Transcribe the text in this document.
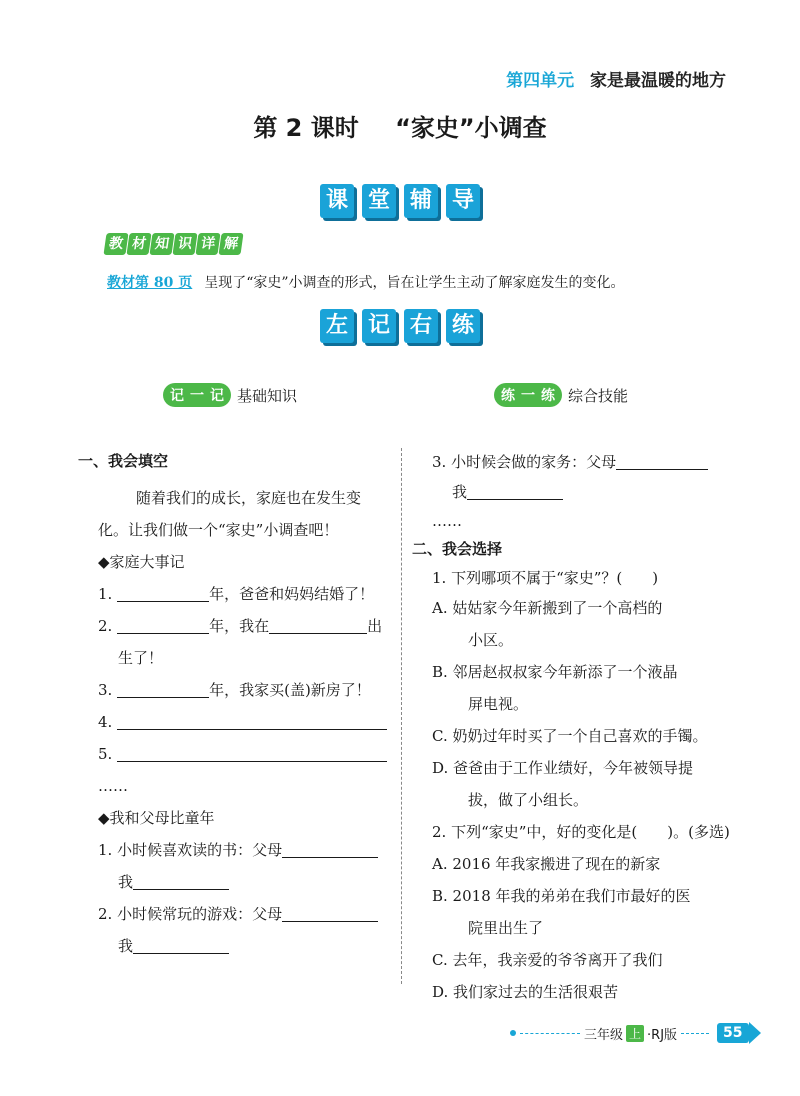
第四单元 家是最温暖的地方
第 2 课时 “家史”小调查
课 堂 辅 导
教 材 知 识 详 解
教材第 80 页 呈现了“家史”小调查的形式，旨在让学生主动了解家庭发生的变化。
左 记 右 练
记 一 记 基础知识	练 一 练 综合技能
一、我会填空
随着我们的成长，家庭也在发生变
化。让我们做一个“家史”小调查吧！
◆家庭大事记
1.	年，爸爸和妈妈结婚了！
2.	年，我在	出
生了！
3.	年，我家买(盖)新房了！
4.
5.
……
◆我和父母比童年
1. 小时候喜欢读的书：父母
我
2. 小时候常玩的游戏：父母
我
3. 小时候会做的家务：父母
我
……
二、我会选择
1. 下列哪项不属于“家史”？(　　)
A. 姑姑家今年新搬到了一个高档的
小区。
B. 邻居赵叔叔家今年新添了一个液晶
屏电视。
C. 奶奶过年时买了一个自己喜欢的手镯。
D. 爸爸由于工作业绩好，今年被领导提
拔，做了小组长。
2. 下列“家史”中，好的变化是(　　)。(多选)
A. 2016 年我家搬进了现在的新家
B. 2018 年我的弟弟在我们市最好的医
院里出生了
C. 去年，我亲爱的爷爷离开了我们
D. 我们家过去的生活很艰苦
三年级 上 ·RJ版	55
